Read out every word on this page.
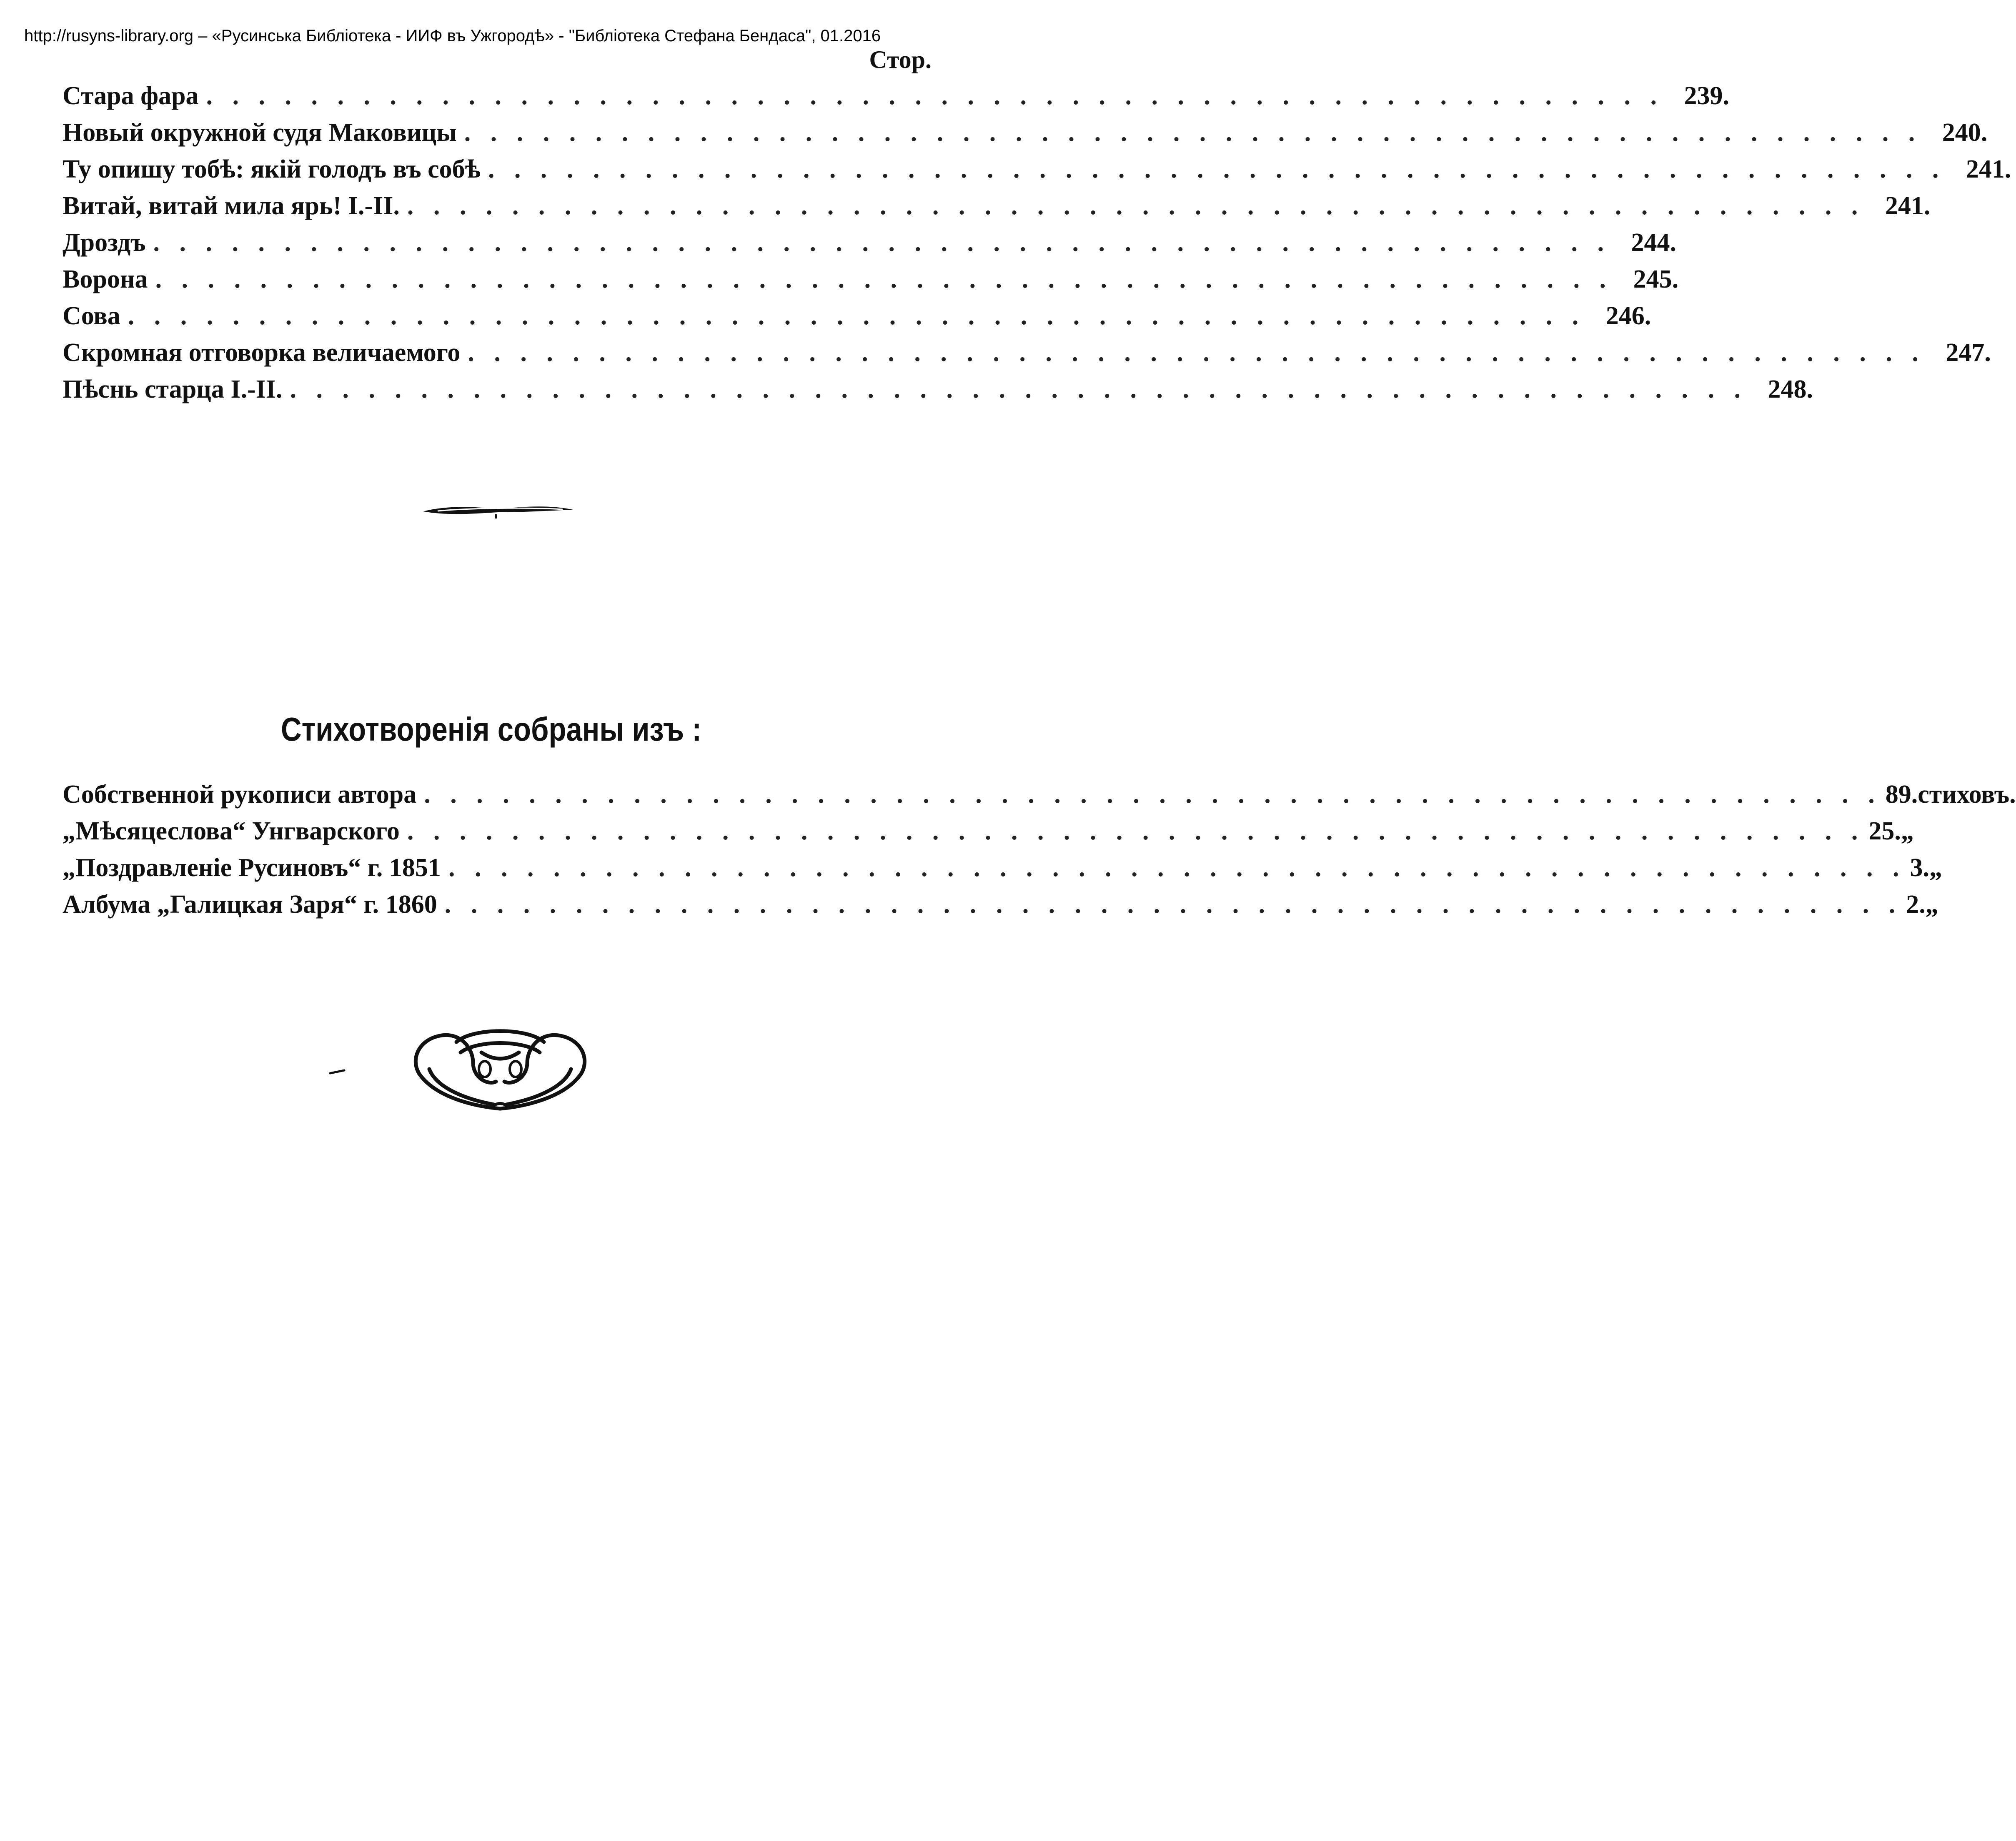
http://rusyns-library.org – «Русинська Библіотека - ИИФ въ Ужгородѣ» - "Библіотека Стефана Бендаса", 01.2016
Стор.
Стара фара . . . . . . . . . . . . . . . . . . . . . . . . . . . . . . . . . . . . . . . . . . . . . . . . . . . . . . . . 239.
Новый окружной судя Маковицы . . . . . . . . . . . . . . . . . . . . . . . . . . . . . . . . . . . . . . . . . . . . . . . . . . . . . . . . 240.
Ту опишу тобѣ: якій голодъ въ собѣ . . . . . . . . . . . . . . . . . . . . . . . . . . . . . . . . . . . . . . . . . . . . . . . . . . . . . . . . 241.
Витай, витай мила ярь! І.-II. . . . . . . . . . . . . . . . . . . . . . . . . . . . . . . . . . . . . . . . . . . . . . . . . . . . . . . . . 241.
Дроздъ . . . . . . . . . . . . . . . . . . . . . . . . . . . . . . . . . . . . . . . . . . . . . . . . . . . . . . . . 244.
Ворона . . . . . . . . . . . . . . . . . . . . . . . . . . . . . . . . . . . . . . . . . . . . . . . . . . . . . . . . 245.
Сова . . . . . . . . . . . . . . . . . . . . . . . . . . . . . . . . . . . . . . . . . . . . . . . . . . . . . . . . 246.
Скромная отговорка величаемого . . . . . . . . . . . . . . . . . . . . . . . . . . . . . . . . . . . . . . . . . . . . . . . . . . . . . . . . 247.
Пѣснь старца І.-ІІ. . . . . . . . . . . . . . . . . . . . . . . . . . . . . . . . . . . . . . . . . . . . . . . . . . . . . . . . . 248.
Стихотворенія собраны изъ :
Собственной рукописи автора . . . . . . . . . . . . . . . . . . . . . . . . . . . . . . . . . . . . . . . . . . . . . . . . . . . . . . . . 89. стиховъ.
„Мѣсяцеслова“ Унгварского . . . . . . . . . . . . . . . . . . . . . . . . . . . . . . . . . . . . . . . . . . . . . . . . . . . . . . . . 25. „
„Поздравленіе Русиновъ“ г. 1851 . . . . . . . . . . . . . . . . . . . . . . . . . . . . . . . . . . . . . . . . . . . . . . . . . . . . . . . . 3. „
Албума „Галицкая Заря“ г. 1860 . . . . . . . . . . . . . . . . . . . . . . . . . . . . . . . . . . . . . . . . . . . . . . . . . . . . . . . . 2. „
